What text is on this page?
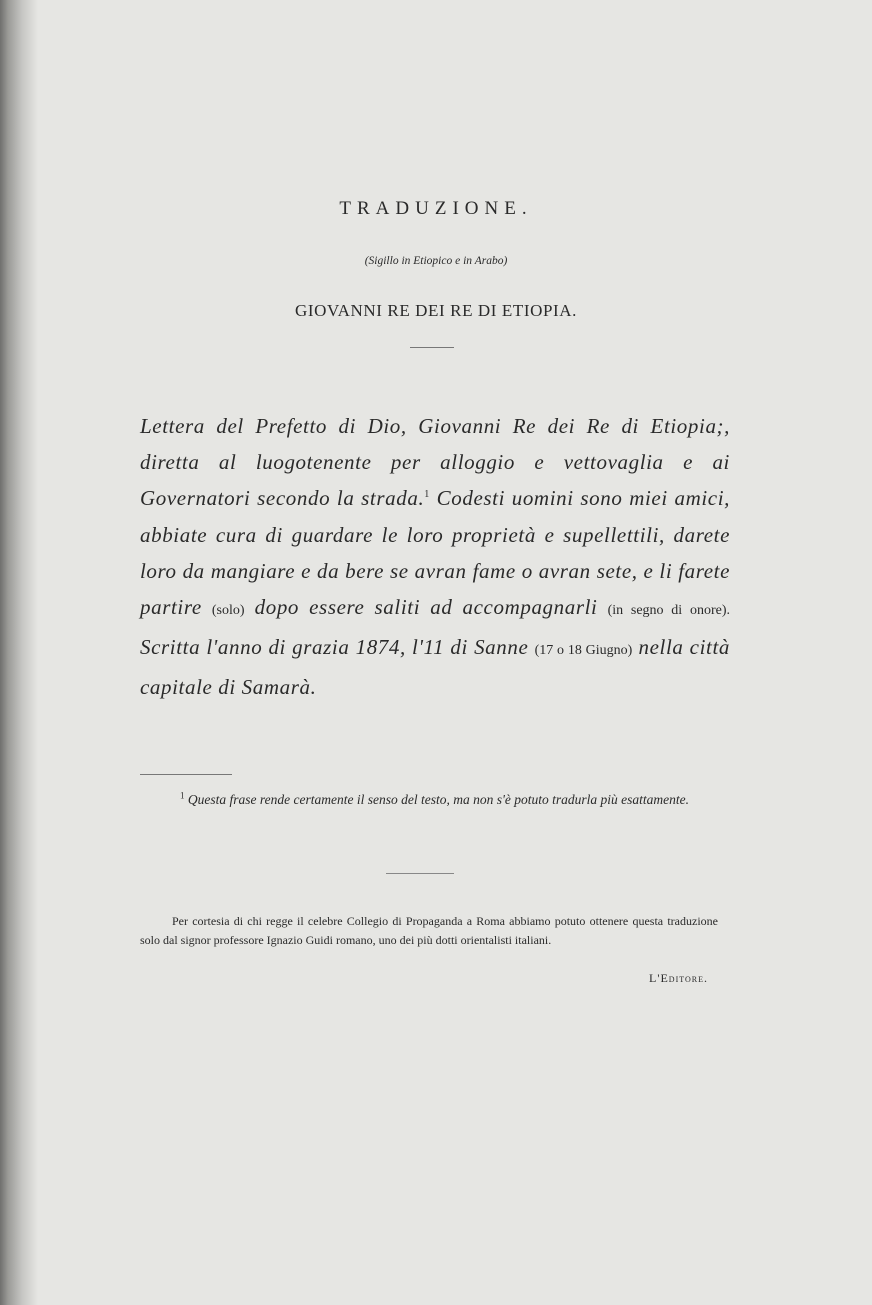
TRADUZIONE.

(Sigillo in Etiopico e in Arabo)

GIOVANNI RE DEI RE DI ETIOPIA.

Lettera del Prefetto di Dio, Giovanni Re dei Re di Etiopia;, diretta al luogotenente per alloggio e vettovaglia e ai Governatori secondo la strada.$^1$ Codesti uomini sono miei amici, abbiate cura di guardare le loro proprietà e supellettili, darete loro da mangiare e da bere se avran fame o avran sete, e li farete partire (solo) dopo essere saliti ad accompagnarli (in segno di onore). Scritta l'anno di grazia 1874, l'11 di Sanne (17 o 18 Giugno) nella città capitale di Samarà.

$^1$ Questa frase rende certamente il senso del testo, ma non s'è potuto tradurla più esattamente.

Per cortesia di chi regge il celebre Collegio di Propaganda a Roma abbiamo potuto ottenere questa traduzione solo dal signor professore Ignazio Guidi romano, uno dei più dotti orientalisti italiani.

L'Editore.
